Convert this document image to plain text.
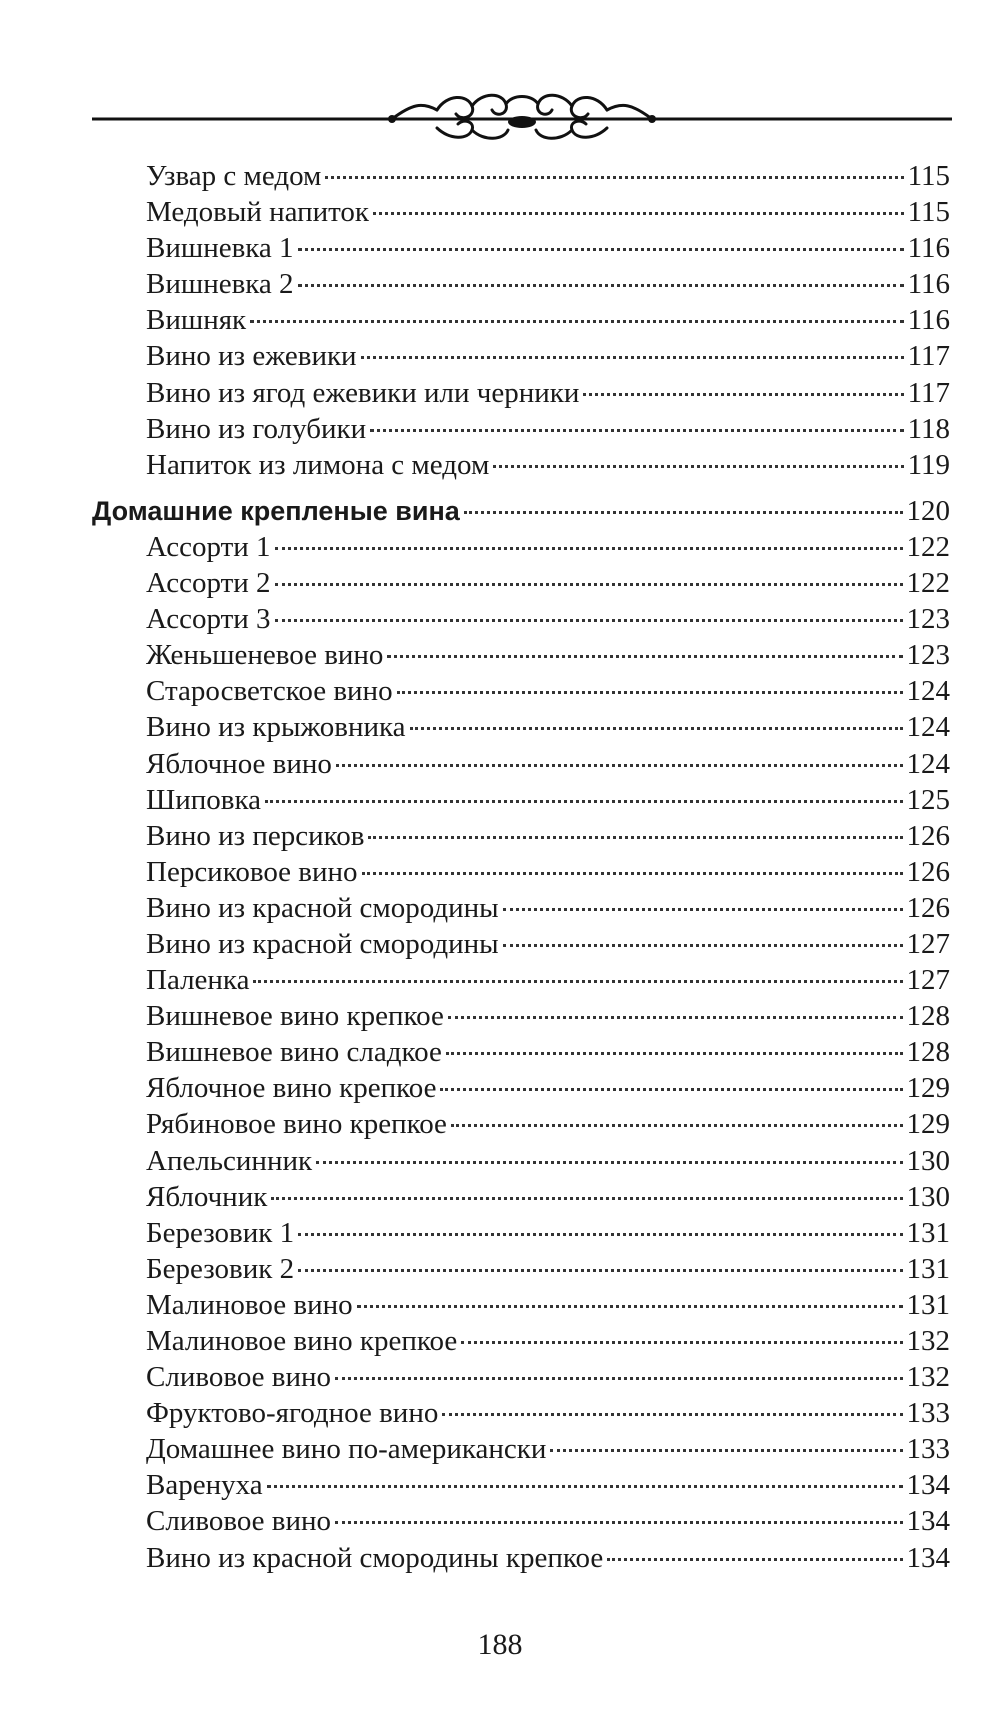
Узвар с медом	115
Медовый напиток	115
Вишневка 1	116
Вишневка 2	116
Вишняк	116
Вино из ежевики	117
Вино из ягод ежевики или черники	117
Вино из голубики	118
Напиток из лимона с медом	119
Домашние крепленые вина	120
Ассорти 1	122
Ассорти 2	122
Ассорти 3	123
Женьшеневое вино	123
Старосветское вино	124
Вино из крыжовника	124
Яблочное вино	124
Шиповка	125
Вино из персиков	126
Персиковое вино	126
Вино из красной смородины	126
Вино из красной смородины	127
Паленка	127
Вишневое вино крепкое	128
Вишневое вино сладкое	128
Яблочное вино крепкое	129
Рябиновое вино крепкое	129
Апельсинник	130
Яблочник	130
Березовик 1	131
Березовик 2	131
Малиновое вино	131
Малиновое вино крепкое	132
Сливовое вино	132
Фруктово-ягодное вино	133
Домашнее вино по-американски	133
Варенуха	134
Сливовое вино	134
Вино из красной смородины крепкое	134
188
